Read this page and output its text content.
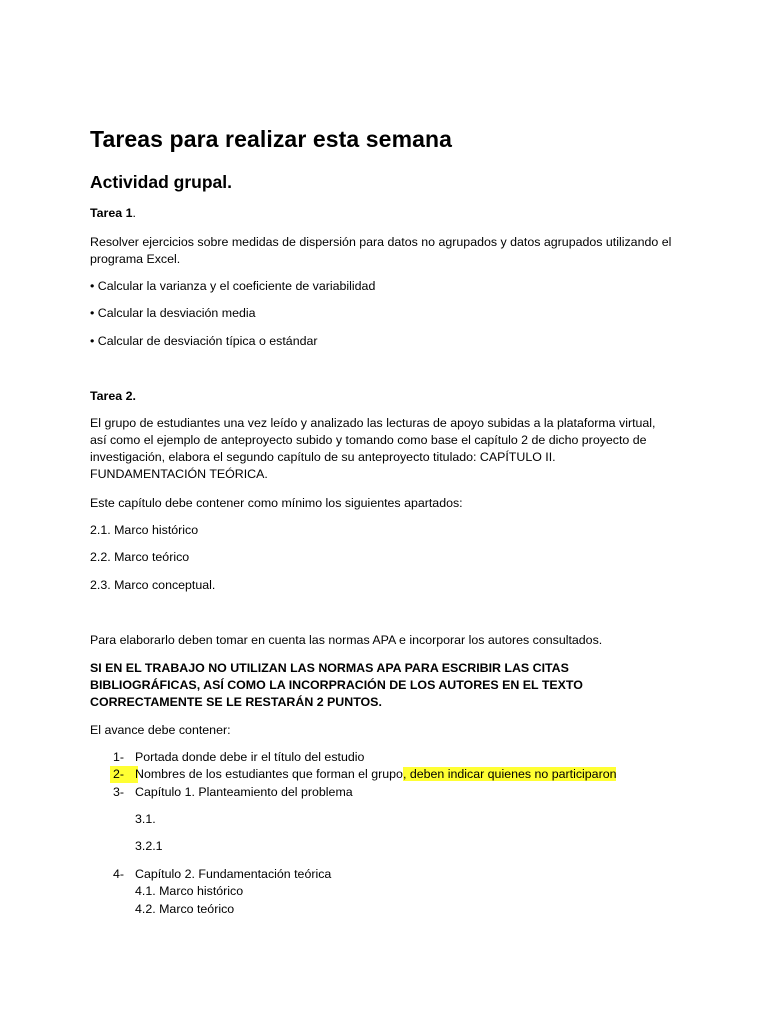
Tareas para realizar esta semana
Actividad grupal.

Tarea 1.

Resolver ejercicios sobre medidas de dispersión para datos no agrupados y datos agrupados utilizando el programa Excel.

• Calcular la varianza y el coeficiente de variabilidad

• Calcular la desviación media

• Calcular de desviación típica o estándar

Tarea 2.

El grupo de estudiantes una vez leído y analizado las lecturas de apoyo subidas a la plataforma virtual,

así como el ejemplo de anteproyecto subido y tomando como base el capítulo 2 de dicho proyecto de

investigación, elabora el segundo capítulo de su anteproyecto titulado: CAPÍTULO II.

FUNDAMENTACIÓN TEÓRICA.

Este capítulo debe contener como mínimo los siguientes apartados:

2.1. Marco histórico

2.2. Marco teórico

2.3. Marco conceptual.

Para elaborarlo deben tomar en cuenta las normas APA e incorporar los autores consultados.

SI EN EL TRABAJO NO UTILIZAN LAS NORMAS APA PARA ESCRIBIR LAS CITAS

BIBLIOGRÁFICAS, ASÍ COMO LA INCORPRACIÓN DE LOS AUTORES EN EL TEXTO

CORRECTAMENTE SE LE RESTARÁN 2 PUNTOS.

El avance debe contener:

1- Portada donde debe ir el título del estudio
2- Nombres de los estudiantes que forman el grupo, deben indicar quienes no participaron
3- Capítulo 1. Planteamiento del problema
3.1.
3.2.1
4- Capítulo 2. Fundamentación teórica
4.1. Marco histórico
4.2. Marco teórico
